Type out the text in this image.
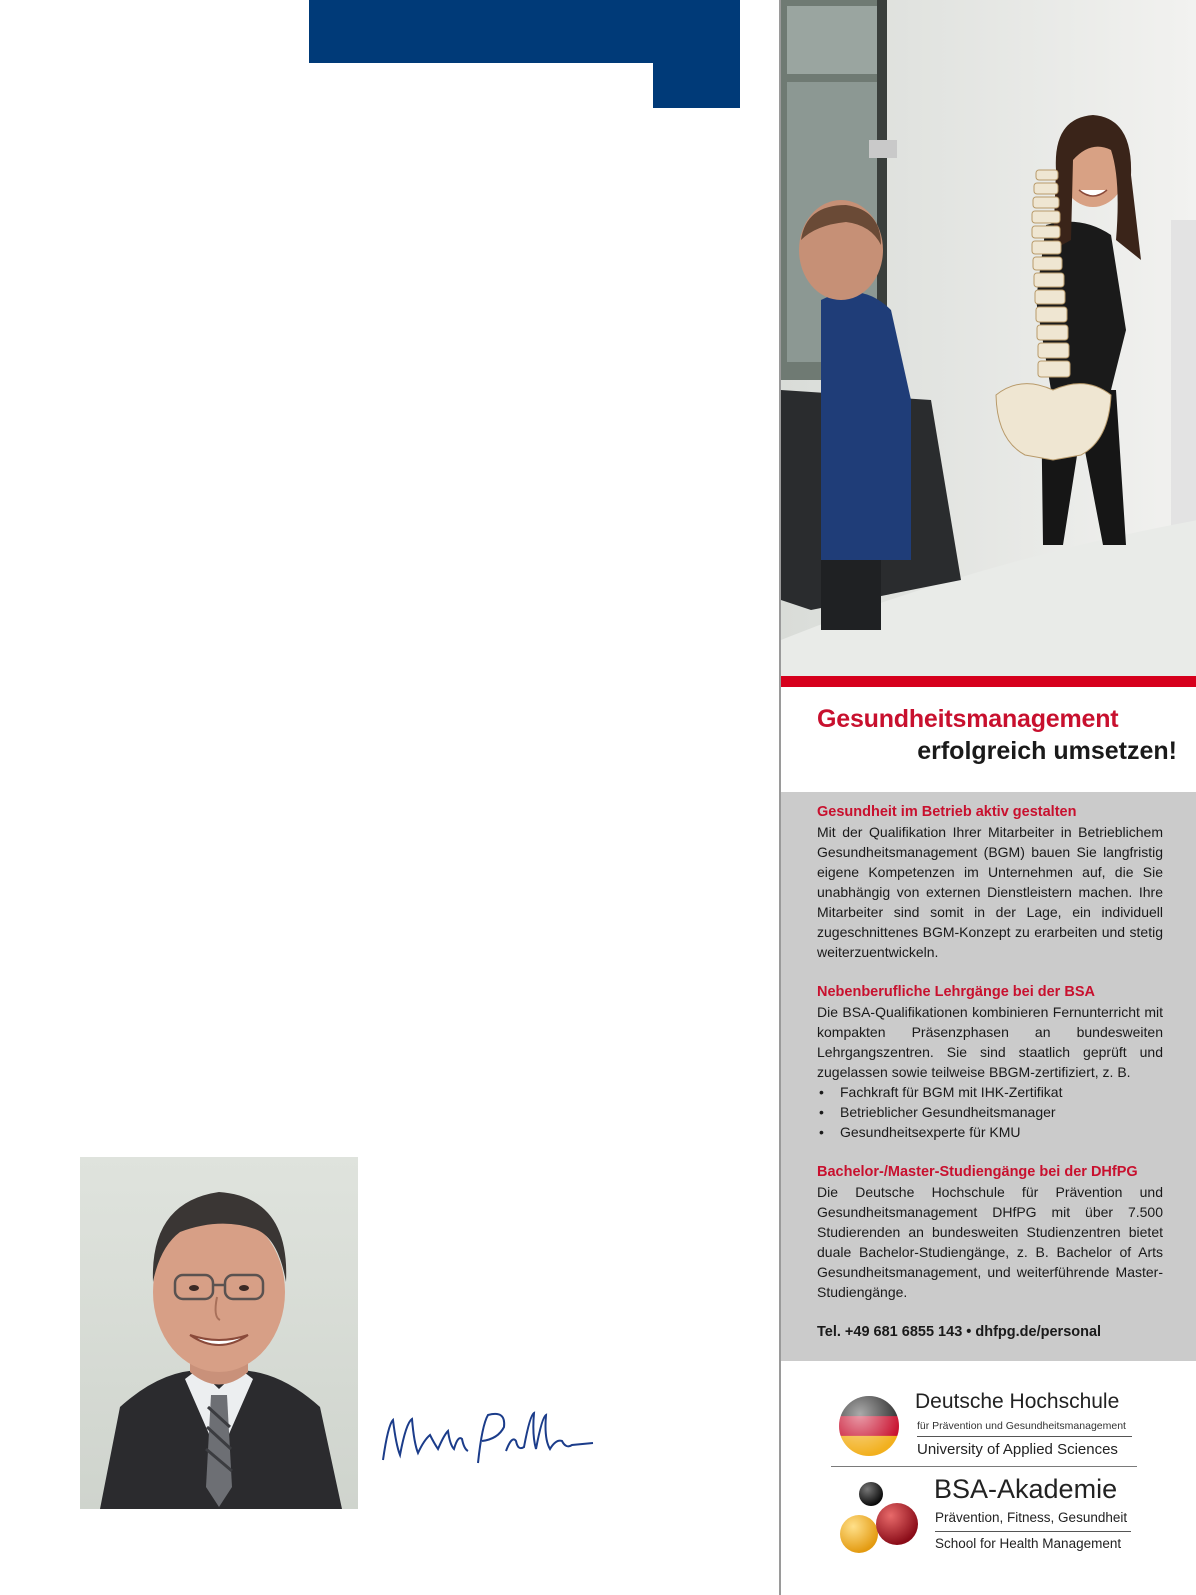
Gesundheitsmanagement
erfolgreich umsetzen!
Gesundheit im Betrieb aktiv gestalten
Mit der Qualifikation Ihrer Mitarbeiter in Betrieblichem Gesundheitsmanagement (BGM) bauen Sie langfristig eigene Kompetenzen im Unternehmen auf, die Sie unabhängig von externen Dienstleistern machen. Ihre Mitarbeiter sind somit in der Lage, ein individuell zugeschnittenes BGM-Konzept zu erarbeiten und stetig weiterzuentwickeln.
Nebenberufliche Lehrgänge bei der BSA
Die BSA-Qualifikationen kombinieren Fernunterricht mit kompakten Präsenzphasen an bundesweiten Lehrgangszentren. Sie sind staatlich geprüft und zugelassen sowie teilweise BBGM-zertifiziert, z. B.
• Fachkraft für BGM mit IHK-Zertifikat
• Betrieblicher Gesundheitsmanager
• Gesundheitsexperte für KMU
Bachelor-/Master-Studiengänge bei der DHfPG
Die Deutsche Hochschule für Prävention und Gesundheitsmanagement DHfPG mit über 7.500 Studierenden an bundesweiten Studienzentren bietet duale Bachelor-Studiengänge, z. B. Bachelor of Arts Gesundheitsmanagement, und weiterführende Master-Studiengänge.
Tel. +49 681 6855 143 • dhfpg.de/personal
Deutsche Hochschule
für Prävention und Gesundheitsmanagement
University of Applied Sciences
BSA-Akademie
Prävention, Fitness, Gesundheit
School for Health Management
